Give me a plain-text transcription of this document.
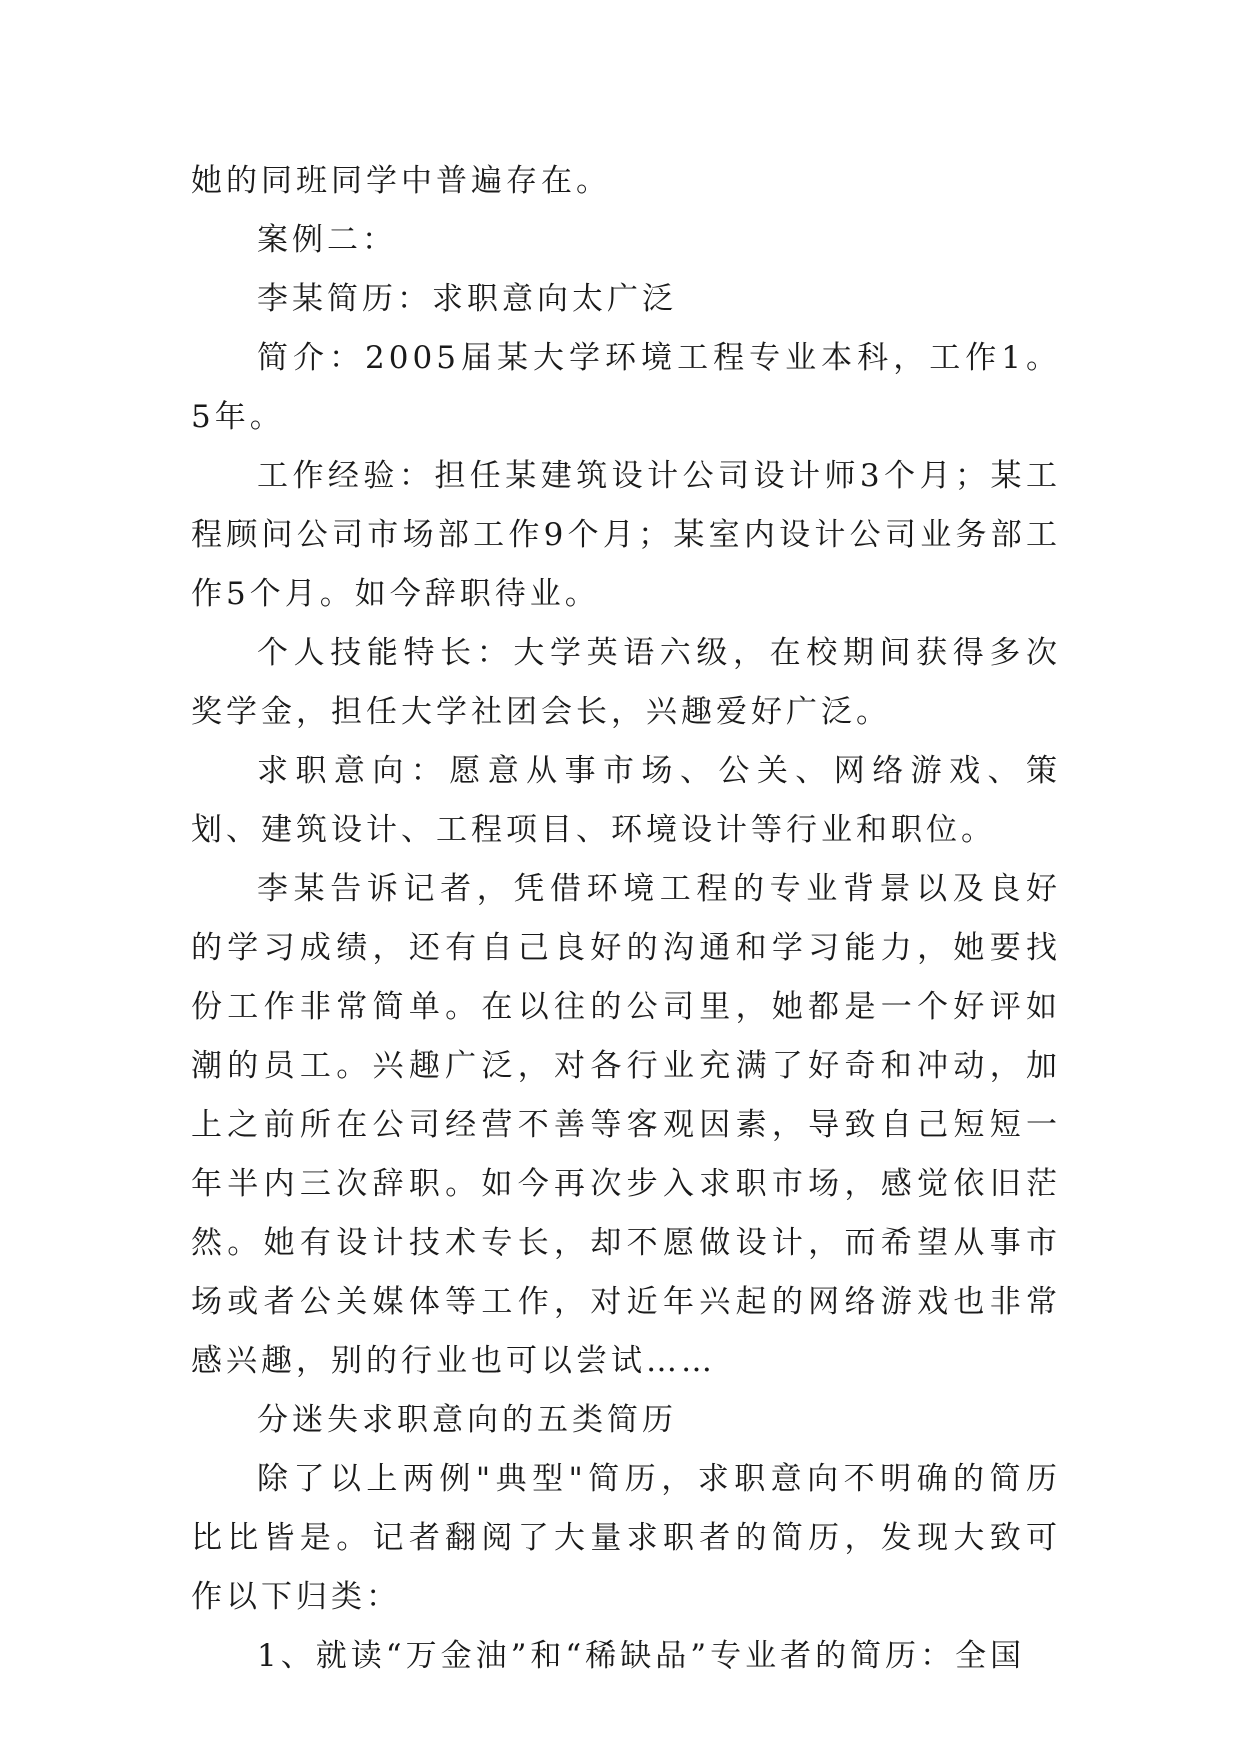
她的同班同学中普遍存在。

案例二：

李某简历：求职意向太广泛

简介：2005届某大学环境工程专业本科，工作1。5年。

工作经验：担任某建筑设计公司设计师3个月；某工程顾问公司市场部工作9个月；某室内设计公司业务部工作5个月。如今辞职待业。

个人技能特长：大学英语六级，在校期间获得多次奖学金，担任大学社团会长，兴趣爱好广泛。

求职意向：愿意从事市场、公关、网络游戏、策划、建筑设计、工程项目、环境设计等行业和职位。

李某告诉记者，凭借环境工程的专业背景以及良好的学习成绩，还有自己良好的沟通和学习能力，她要找份工作非常简单。在以往的公司里，她都是一个好评如潮的员工。兴趣广泛，对各行业充满了好奇和冲动，加上之前所在公司经营不善等客观因素，导致自己短短一年半内三次辞职。如今再次步入求职市场，感觉依旧茫然。她有设计技术专长，却不愿做设计，而希望从事市场或者公关媒体等工作，对近年兴起的网络游戏也非常感兴趣，别的行业也可以尝试……

分迷失求职意向的五类简历

除了以上两例"典型"简历，求职意向不明确的简历比比皆是。记者翻阅了大量求职者的简历，发现大致可作以下归类：

1、就读“万金油”和“稀缺品”专业者的简历：全国
